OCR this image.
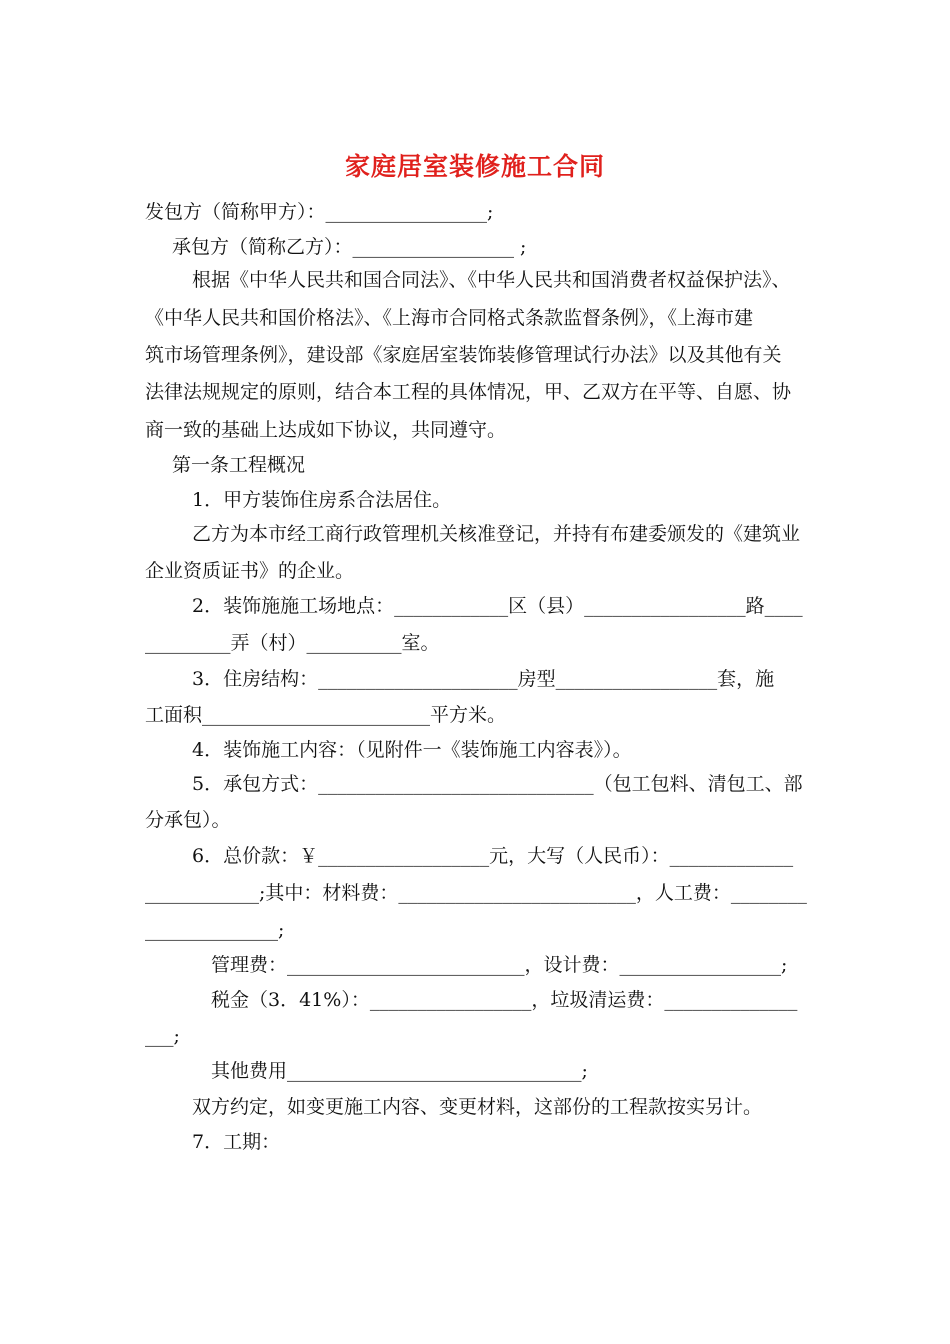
家庭居室装修施工合同
发包方（简称甲方）：_________________;
承包方（简称乙方）：_________________ ;
根据《中华人民共和国合同法》、《中华人民共和国消费者权益保护法》、
《中华人民共和国价格法》、《上海市合同格式条款监督条例》，《上海市建
筑市场管理条例》，建设部《家庭居室装饰装修管理试行办法》以及其他有关
法律法规规定的原则，结合本工程的具体情况，甲、乙双方在平等、自愿、协
商一致的基础上达成如下协议，共同遵守。
第一条工程概况
1．甲方装饰住房系合法居住。
乙方为本市经工商行政管理机关核准登记，并持有布建委颁发的《建筑业
企业资质证书》的企业。
2．装饰施施工场地点：____________区（县）_________________路____
_________弄（村）__________室。
3．住房结构：_____________________房型_________________套，施
工面积________________________平方米。
4．装饰施工内容：（见附件一《装饰施工内容表》）。
5．承包方式：_____________________________（包工包料、清包工、部
分承包）。
6．总价款：￥__________________元，大写（人民币）：_____________
____________;其中：材料费：_________________________，人工费：________
______________;
管理费：_________________________，设计费：_________________;
税金（3．41%）：_________________，垃圾清运费：______________
___;
其他费用_______________________________;
双方约定，如变更施工内容、变更材料，这部份的工程款按实另计。
7．工期：
